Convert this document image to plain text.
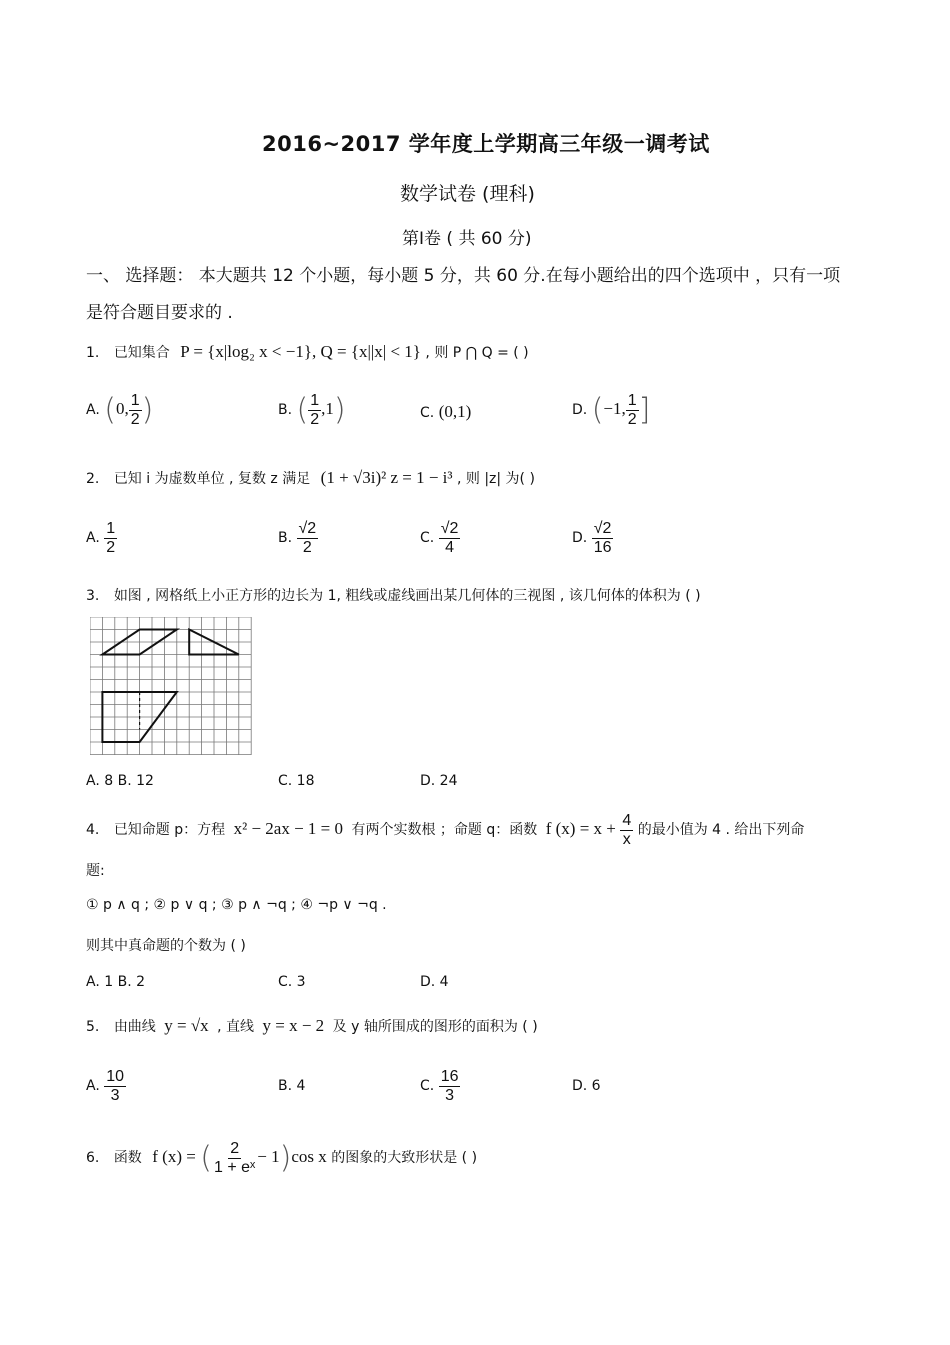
2016~2017 学年度上学期高三年级一调考试
数学试卷 (理科)
第Ⅰ卷 ( 共 60 分)
一、 选择题： 本大题共 12 个小题，每小题 5 分，共 60 分.在每小题给出的四个选项中 ，只有一项
是符合题目要求的 .
1. 已知集合 P = {x|log₂ x < −1}, Q = {x||x| < 1} , 则 P ⋂ Q = ( )
A. (0, $\frac{1}{2}$ )	B. ( $\frac{1}{2} ,1$)	C. (0,1)	D. (−1, $\frac{1}{2}$ ]
2. 已知 i 为虚数单位 , 复数 z 满足 (1 + √3i)² z = 1 − i³ , 则 |z| 为( )
A. $\frac{1}{2}$	B. $\frac{√2}{2}$	C. $\frac{√2}{4}$	D. $\frac{√2}{16}$
3. 如图 , 网格纸上小正方形的边长为 1, 粗线或虚线画出某几何体的三视图 , 该几何体的体积为 ( )
A. 8 B. 12	C. 18	D. 24
4. 已知命题 p：方程 x² − 2ax − 1 = 0 有两个实数根 ；命题 q：函数 f $(x) = x + \frac{4}{x}$ 的最小值为 4 . 给出下列命
题:
① p ∧ q ; ② p ∨ q ; ③ p ∧ ¬q ; ④ ¬p ∨ ¬q .
则其中真命题的个数为 ( )
A. 1 B. 2	C. 3	D. 4
5. 由曲线 y = √x , 直线 y = x − 2 及 y 轴所围成的图形的面积为 ( )
A. $\frac{10}{3}$	B. 4	C. $\frac{16}{3}$	D. 6
6. 函数 f (x) = ( $\frac{2}{\text{1 + eˣ}} - 1)\cos$ x 的图象的大致形状是 ( )
